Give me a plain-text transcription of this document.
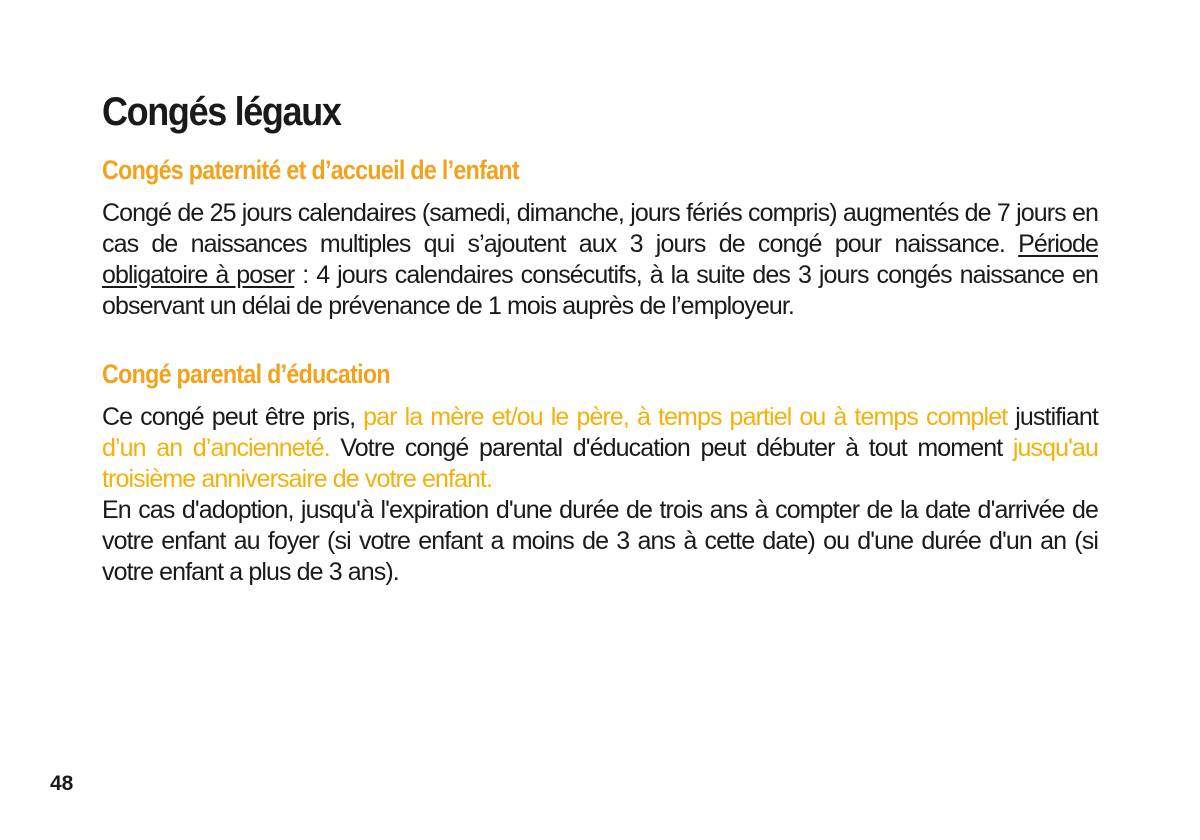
Congés légaux
Congés paternité et d’accueil de l’enfant

Congé de 25 jours calendaires (samedi, dimanche, jours fériés compris) augmentés de 7 jours en cas de naissances multiples qui s’ajoutent aux 3 jours de congé pour naissance. Période obligatoire à poser : 4 jours calendaires consécutifs, à la suite des 3 jours congés naissance en observant un délai de prévenance de 1 mois auprès de l’employeur.

Congé parental d’éducation

Ce congé peut être pris, par la mère et/ou le père, à temps partiel ou à temps complet justifiant d’un an d’ancienneté. Votre congé parental d'éducation peut débuter à tout moment jusqu'au troisième anniversaire de votre enfant.

En cas d'adoption, jusqu'à l'expiration d'une durée de trois ans à compter de la date d'arrivée de votre enfant au foyer (si votre enfant a moins de 3 ans à cette date) ou d'une durée d'un an (si votre enfant a plus de 3 ans).

48
